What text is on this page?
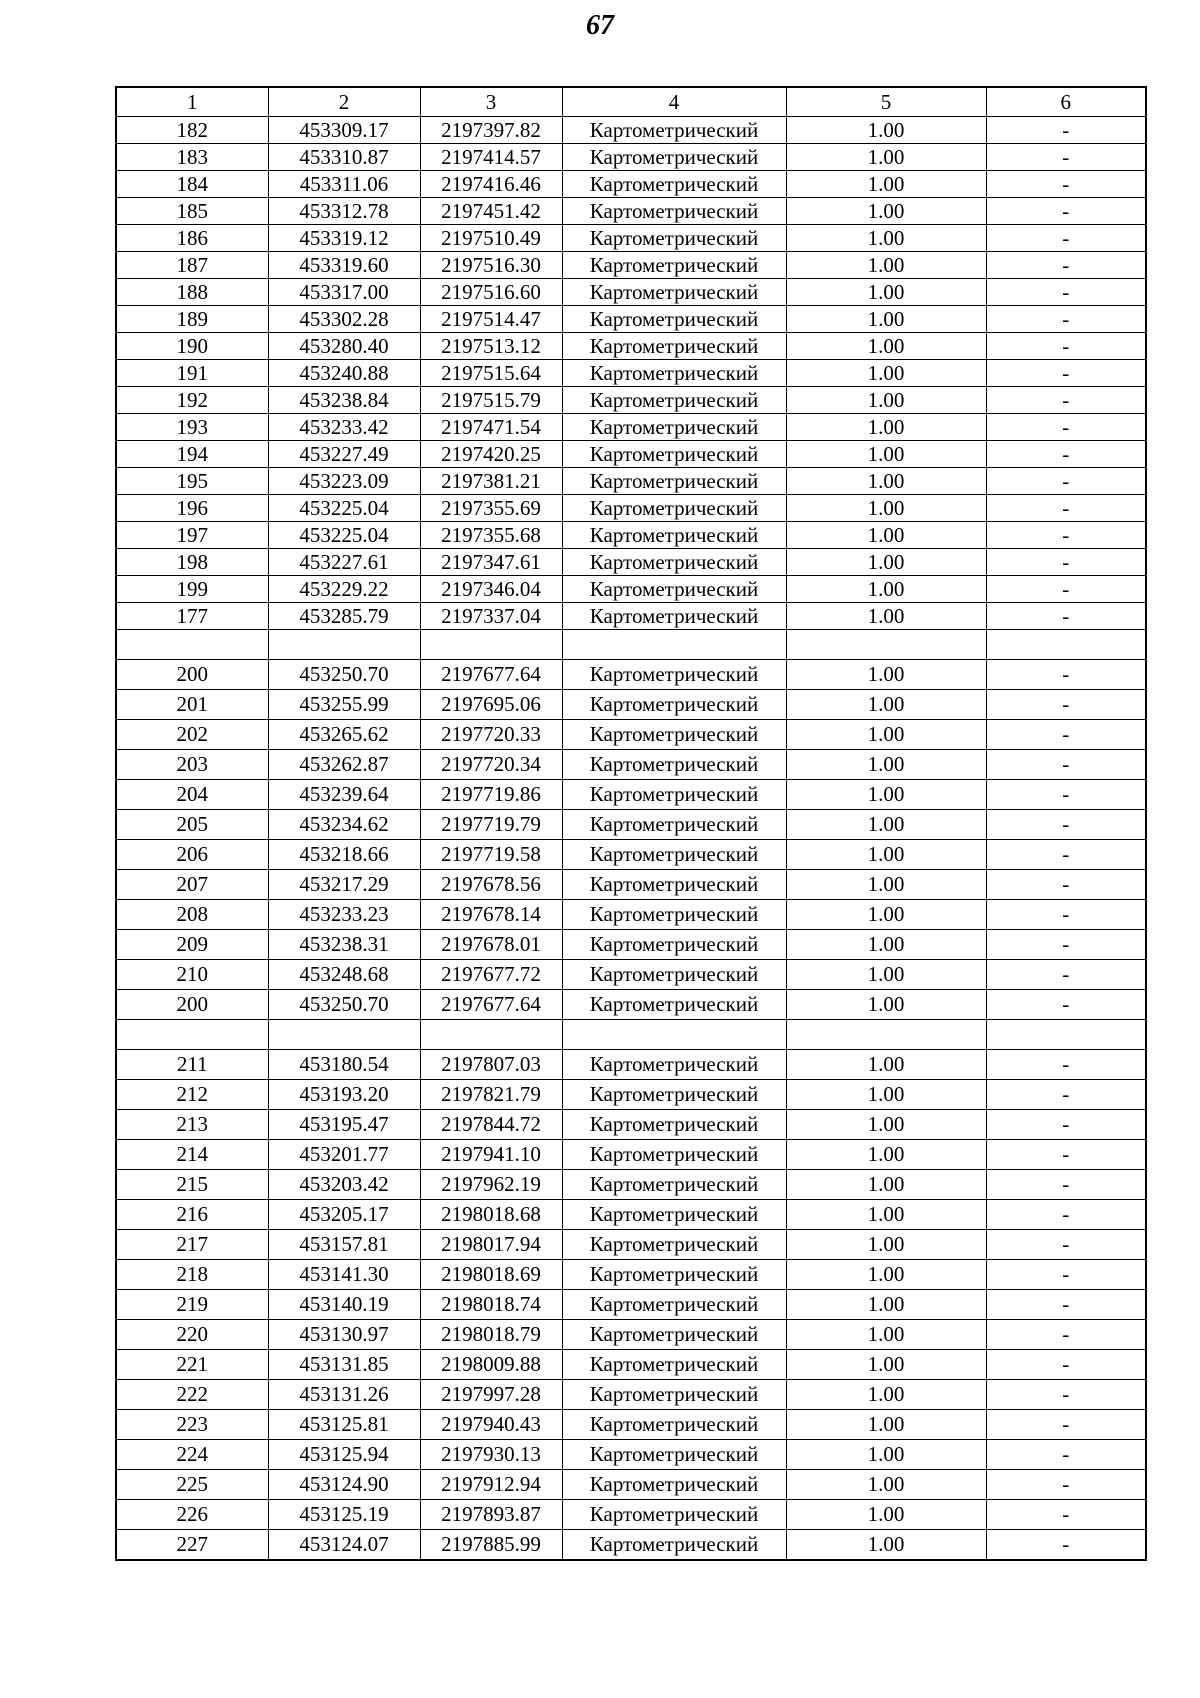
67
1	2	3	4	5	6
182	453309.17	2197397.82	Картометрический	1.00	-
183	453310.87	2197414.57	Картометрический	1.00	-
184	453311.06	2197416.46	Картометрический	1.00	-
185	453312.78	2197451.42	Картометрический	1.00	-
186	453319.12	2197510.49	Картометрический	1.00	-
187	453319.60	2197516.30	Картометрический	1.00	-
188	453317.00	2197516.60	Картометрический	1.00	-
189	453302.28	2197514.47	Картометрический	1.00	-
190	453280.40	2197513.12	Картометрический	1.00	-
191	453240.88	2197515.64	Картометрический	1.00	-
192	453238.84	2197515.79	Картометрический	1.00	-
193	453233.42	2197471.54	Картометрический	1.00	-
194	453227.49	2197420.25	Картометрический	1.00	-
195	453223.09	2197381.21	Картометрический	1.00	-
196	453225.04	2197355.69	Картометрический	1.00	-
197	453225.04	2197355.68	Картометрический	1.00	-
198	453227.61	2197347.61	Картометрический	1.00	-
199	453229.22	2197346.04	Картометрический	1.00	-
177	453285.79	2197337.04	Картометрический	1.00	-

200	453250.70	2197677.64	Картометрический	1.00	-
201	453255.99	2197695.06	Картометрический	1.00	-
202	453265.62	2197720.33	Картометрический	1.00	-
203	453262.87	2197720.34	Картометрический	1.00	-
204	453239.64	2197719.86	Картометрический	1.00	-
205	453234.62	2197719.79	Картометрический	1.00	-
206	453218.66	2197719.58	Картометрический	1.00	-
207	453217.29	2197678.56	Картометрический	1.00	-
208	453233.23	2197678.14	Картометрический	1.00	-
209	453238.31	2197678.01	Картометрический	1.00	-
210	453248.68	2197677.72	Картометрический	1.00	-
200	453250.70	2197677.64	Картометрический	1.00	-

211	453180.54	2197807.03	Картометрический	1.00	-
212	453193.20	2197821.79	Картометрический	1.00	-
213	453195.47	2197844.72	Картометрический	1.00	-
214	453201.77	2197941.10	Картометрический	1.00	-
215	453203.42	2197962.19	Картометрический	1.00	-
216	453205.17	2198018.68	Картометрический	1.00	-
217	453157.81	2198017.94	Картометрический	1.00	-
218	453141.30	2198018.69	Картометрический	1.00	-
219	453140.19	2198018.74	Картометрический	1.00	-
220	453130.97	2198018.79	Картометрический	1.00	-
221	453131.85	2198009.88	Картометрический	1.00	-
222	453131.26	2197997.28	Картометрический	1.00	-
223	453125.81	2197940.43	Картометрический	1.00	-
224	453125.94	2197930.13	Картометрический	1.00	-
225	453124.90	2197912.94	Картометрический	1.00	-
226	453125.19	2197893.87	Картометрический	1.00	-
227	453124.07	2197885.99	Картометрический	1.00	-
